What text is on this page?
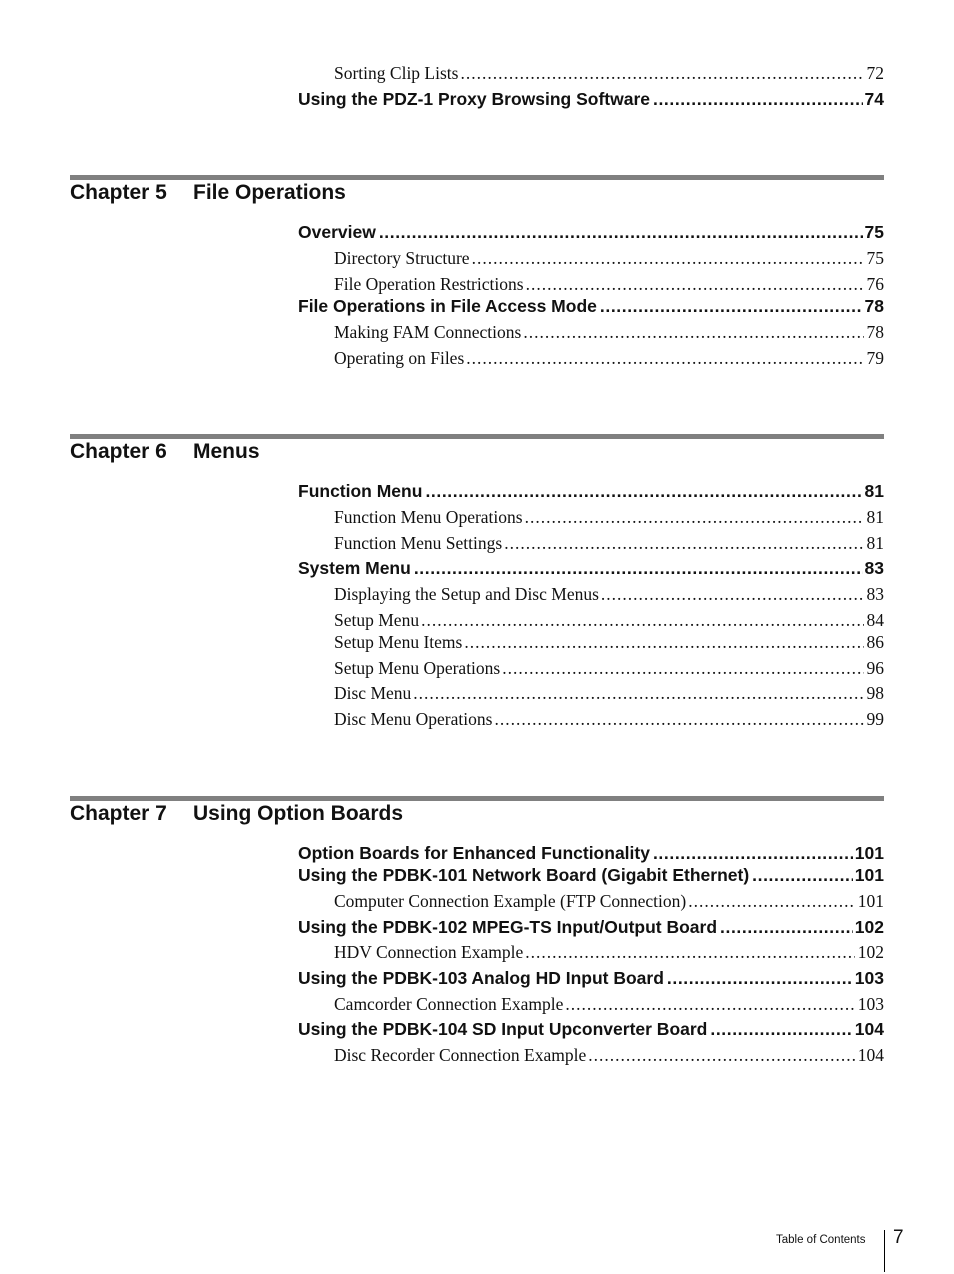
Sorting Clip Lists .....	72
Using the PDZ-1 Proxy Browsing Software .....	74
Chapter 5 File Operations
Overview .....	75
Directory Structure .....	75
File Operation Restrictions .....	76
File Operations in File Access Mode .....	78
Making FAM Connections .....	78
Operating on Files .....	79
Chapter 6 Menus
Function Menu .....	81
Function Menu Operations .....	81
Function Menu Settings .....	81
System Menu .....	83
Displaying the Setup and Disc Menus .....	83
Setup Menu .....	84
Setup Menu Items .....	86
Setup Menu Operations .....	96
Disc Menu .....	98
Disc Menu Operations .....	99
Chapter 7 Using Option Boards
Option Boards for Enhanced Functionality .....	101
Using the PDBK-101 Network Board (Gigabit Ethernet) .....	101
Computer Connection Example (FTP Connection) .....	101
Using the PDBK-102 MPEG-TS Input/Output Board .....	102
HDV Connection Example .....	102
Using the PDBK-103 Analog HD Input Board .....	103
Camcorder Connection Example .....	103
Using the PDBK-104 SD Input Upconverter Board .....	104
Disc Recorder Connection Example .....	104
Table of Contents 7
